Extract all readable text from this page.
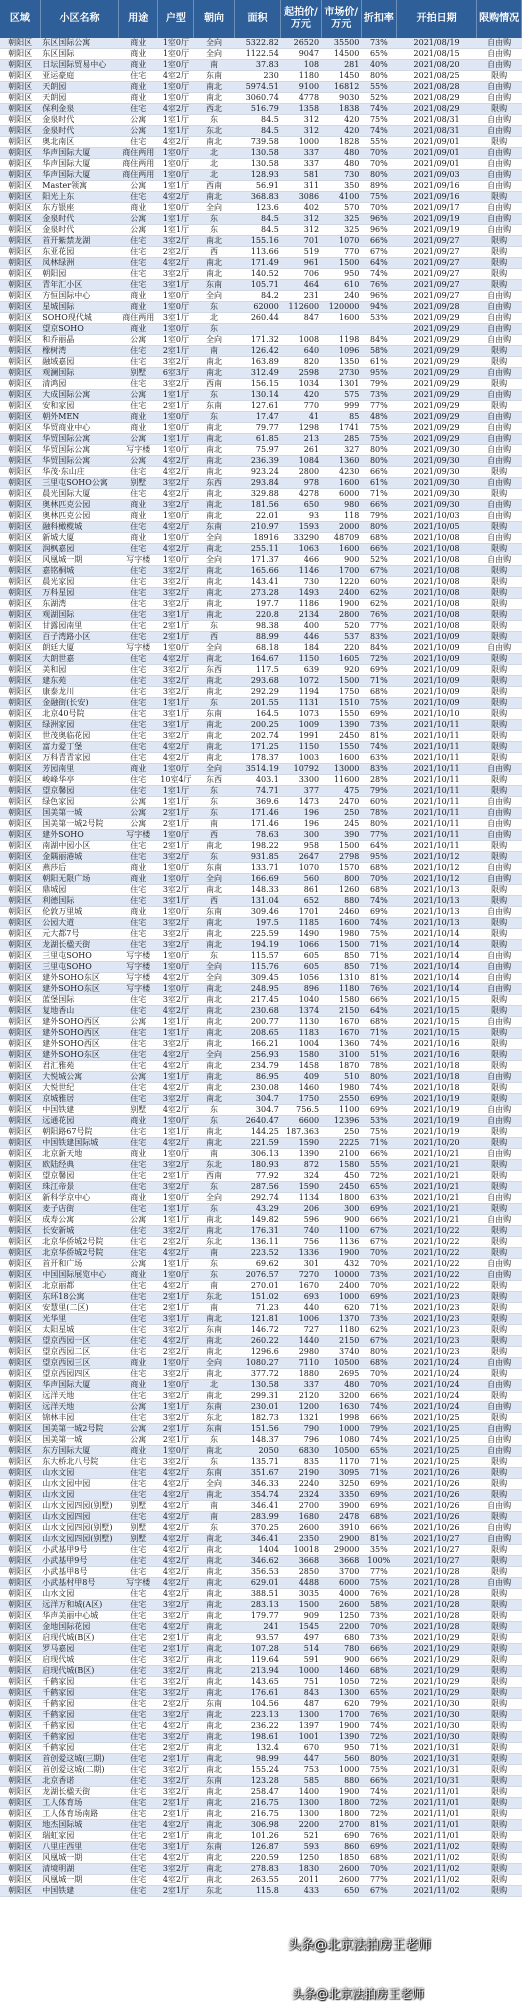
区域	小区名称	用途	户型	朝向	面积	起拍价/万元	市场价/万元	折扣率	开拍日期	限购情况
朝阳区	东区国际公寓	商业	1室0厅	全向	5322.82	26520	35500	73%	2021/08/19	自由购
朝阳区	东区国际	商业	1室0厅	全向	1122.54	9047	14500	65%	2021/08/15	自由购
朝阳区	日坛国际贸易中心	商业	1室0厅	南	37.83	108	281	40%	2021/08/20	自由购
朝阳区	亚运豪庭	住宅	4室2厅	东南	230	1180	1450	80%	2021/08/25	限购
朝阳区	天朗园	商业	1室0厅	南北	5974.51	9100	16812	55%	2021/08/28	自由购
朝阳区	天朗园	商业	1室0厅	南北	3060.74	4778	9030	52%	2021/08/29	自由购
朝阳区	保利金泉	住宅	4室2厅	西北	516.79	1358	1838	74%	2021/08/29	限购
朝阳区	金泉时代	公寓	1室1厅	东	84.5	312	420	75%	2021/08/31	自由购
朝阳区	金泉时代	公寓	1室1厅	东北	84.5	312	420	74%	2021/08/31	自由购
朝阳区	奥北南区	住宅	4室2厅	南北	739.58	1000	1828	55%	2021/09/01	限购
朝阳区	华声国际大厦	商住两用	1室0厅	北	130.58	337	480	70%	2021/09/01	自由购
朝阳区	华声国际大厦	商住两用	1室0厅	北	130.58	337	480	70%	2021/09/01	自由购
朝阳区	华声国际大厦	商住两用	1室0厅	北	128.93	581	730	80%	2021/09/03	自由购
朝阳区	Master领寓	公寓	1室1厅	西南	56.91	311	350	89%	2021/09/16	自由购
朝阳区	阳光上东	住宅	4室2厅	南北	368.83	3086	4100	75%	2021/09/16	限购
朝阳区	东方银座	商业	1室0厅	全向	123.6	402	570	70%	2021/09/17	自由购
朝阳区	金泉时代	公寓	1室1厅	东	84.5	312	325	96%	2021/09/19	自由购
朝阳区	金泉时代	公寓	1室1厅	东	84.5	312	325	96%	2021/09/19	自由购
朝阳区	首开紫禁龙湖	住宅	3室2厅	南北	155.16	701	1070	66%	2021/09/27	限购
朝阳区	东亚花园	住宅	2室2厅	西	113.66	519	770	67%	2021/09/27	限购
朝阳区	凤林绿洲	住宅	4室2厅	南北	171.49	961	1500	64%	2021/09/27	限购
朝阳区	朝阳园	住宅	3室2厅	南北	140.52	706	950	74%	2021/09/27	限购
朝阳区	青年汇小区	住宅	3室1厅	东南	105.71	464	610	76%	2021/09/27	限购
朝阳区	方恒国际中心	商业	1室0厅	全向	84.2	231	240	96%	2021/09/27	自由购
朝阳区	星城国际	商业	1室0厅	东	62000	112600	120000	94%	2021/09/28	自由购
朝阳区	SOHO现代城	商住两用	3室1厅	北	260.44	847	1600	53%	2021/09/29	自由购
朝阳区	望京SOHO	商业	1室0厅	东					2021/09/29	自由购
朝阳区	和乔丽晶	公寓	1室0厅	全向	171.32	1008	1198	84%	2021/09/29	自由购
朝阳区	橡树湾	住宅	2室1厅	南	126.42	640	1096	58%	2021/09/29	限购
朝阳区	融域嘉园	住宅	3室2厅	南北	163.89	820	1350	61%	2021/09/29	限购
朝阳区	观澜国际	别墅	6室3厅	南北	312.49	2598	2730	95%	2021/09/29	自由购
朝阳区	清鸿园	住宅	3室2厅	西南	156.15	1034	1301	79%	2021/09/29	限购
朝阳区	大成国际公寓	公寓	1室1厅	东	130.14	420	575	73%	2021/09/29	自由购
朝阳区	安和家园	住宅	2室1厅	东南	127.61	770	999	77%	2021/09/29	限购
朝阳区	朝外MEN	商业	1室0厅	东	17.47	41	85	48%	2021/09/29	自由购
朝阳区	华贸商业中心	商业	1室0厅	南北	79.77	1298	1741	75%	2021/09/29	自由购
朝阳区	华贸国际公寓	公寓	1室1厅	南北	61.85	213	285	75%	2021/09/29	自由购
朝阳区	华贸国际公寓	写字楼	1室0厅	南北	75.97	261	327	80%	2021/09/30	自由购
朝阳区	华贸国际公寓	公寓	4室2厅	南北	236.39	1084	1360	80%	2021/09/30	自由购
朝阳区	华茂·东山庄	住宅	4室2厅	南北	923.24	2800	4230	66%	2021/09/30	限购
朝阳区	三里屯SOHO公寓	别墅	3室2厅	东西	293.84	978	1600	61%	2021/09/30	自由购
朝阳区	晨光国际大厦	住宅	4室2厅	南北	329.88	4278	6000	71%	2021/09/30	限购
朝阳区	奥林匹克公园	商业	3室2厅	南北	181.56	650	980	66%	2021/09/30	自由购
朝阳区	奥林匹克公园	商业	1室0厅	南北	22.01	93	118	79%	2021/10/03	自由购
朝阳区	融科橄榄城	住宅	4室2厅	东南	210.97	1593	2000	80%	2021/10/05	限购
朝阳区	新城大厦	商业	1室0厅	全向	18916	33290	48709	68%	2021/10/08	自由购
朝阳区	润枫嘉园	住宅	4室2厅	南北	255.11	1063	1600	66%	2021/10/08	限购
朝阳区	风凰城一期	写字楼	1室0厅	全向	171.37	466	900	52%	2021/10/08	自由购
朝阳区	嘉铭桐城	住宅	3室2厅	南北	165.66	1146	1700	67%	2021/10/08	限购
朝阳区	晨光家园	住宅	3室2厅	南北	143.41	730	1220	60%	2021/10/08	限购
朝阳区	万科星园	住宅	3室2厅	南北	273.28	1493	2400	62%	2021/10/08	限购
朝阳区	东湖湾	住宅	3室2厅	南北	197.7	1186	1900	62%	2021/10/08	限购
朝阳区	观湖国际	住宅	3室1厅	南北	220.8	2134	2800	76%	2021/10/08	限购
朝阳区	甘露园南里	住宅	2室1厅	东	98.38	400	520	77%	2021/10/08	限购
朝阳区	百子湾路小区	住宅	2室1厅	西	88.99	446	537	83%	2021/10/09	限购
朝阳区	朗廷大厦	写字楼	1室0厅	全向	68.18	184	220	84%	2021/10/09	自由购
朝阳区	大朗世嘉	住宅	4室2厅	南北	164.67	1150	1605	72%	2021/10/09	限购
朝阳区	美和园	住宅	3室2厅	东西	117.5	639	920	69%	2021/10/09	限购
朝阳区	建东苑	住宅	3室2厅	南北	293.68	1072	1500	71%	2021/10/09	限购
朝阳区	康泰龙川	住宅	3室2厅	南北	292.29	1194	1750	68%	2021/10/09	限购
朝阳区	金融街(长安)	住宅	1室1厅	东	201.55	1131	1510	75%	2021/10/09	限购
朝阳区	北京40号院	住宅	3室1厅	东南	164.5	1073	1550	69%	2021/10/10	限购
朝阳区	绿洲家园	住宅	3室1厅	南北	200.25	1009	1390	73%	2021/10/11	限购
朝阳区	世茂奥临花园	住宅	3室2厅	南北	202.74	1991	2450	81%	2021/10/11	限购
朝阳区	富力爱丁堡	住宅	4室2厅	南北	171.25	1150	1550	74%	2021/10/11	限购
朝阳区	万科青青家园	住宅	4室2厅	南北	178.37	1003	1600	63%	2021/10/11	限购
朝阳区	芳园南里	商业	1室0厅	全向	3514.19	10792	13000	83%	2021/10/11	自由购
朝阳区	峻峰华亭	住宅	10室4厅	东西	403.1	3300	11600	28%	2021/10/11	限购
朝阳区	望京馨园	住宅	1室1厅	东	74.71	377	475	79%	2021/10/11	限购
朝阳区	绿色家园	公寓	1室1厅	东	369.6	1473	2470	60%	2021/10/11	自由购
朝阳区	国美第一城	公寓	2室1厅	东	171.46	196	250	78%	2021/10/11	自由购
朝阳区	国美第一城2号院	公寓	2室1厅	南	171.46	196	245	80%	2021/10/11	自由购
朝阳区	建外SOHO	写字楼	1室0厅	西	78.63	300	390	77%	2021/10/11	自由购
朝阳区	南湖中园小区	住宅	2室1厅	南北	198.22	958	1500	64%	2021/10/11	限购
朝阳区	金隅丽港城	住宅	3室2厅	东	931.85	2647	2798	95%	2021/10/12	限购
朝阳区	燕莎后	商业	1室0厅	东南	133.71	1070	1570	68%	2021/10/12	自由购
朝阳区	朝阳无限广场	商业	1室0厅	全向	166.69	560	800	70%	2021/10/12	自由购
朝阳区	鼎城园	住宅	3室2厅	南北	148.33	861	1260	68%	2021/10/13	限购
朝阳区	利德国际	住宅	3室1厅	西	131.04	652	880	74%	2021/10/13	限购
朝阳区	伦敦万里城	商业	1室0厅	东南	309.46	1701	2460	69%	2021/10/13	自由购
朝阳区	公园大道	住宅	3室2厅	南北	197.5	1185	1600	74%	2021/10/13	限购
朝阳区	元大都7号	住宅	3室2厅	南北	225.59	1490	1980	75%	2021/10/14	限购
朝阳区	龙湖长楹天街	住宅	3室2厅	南北	194.19	1066	1500	71%	2021/10/14	限购
朝阳区	三里屯SOHO	写字楼	1室0厅	东	115.57	605	850	71%	2021/10/14	自由购
朝阳区	三里屯SOHO	写字楼	1室0厅	全向	115.76	605	850	71%	2021/10/14	自由购
朝阳区	建外SOHO东区	写字楼	4室2厅	全向	309.45	1056	1310	81%	2021/10/14	自由购
朝阳区	建外SOHO东区	写字楼	1室0厅	南北	248.95	896	1180	76%	2021/10/14	自由购
朝阳区	蓝堡国际	住宅	3室2厅	南北	217.45	1040	1580	66%	2021/10/15	限购
朝阳区	复地香山	住宅	4室2厅	南北	230.68	1374	2150	64%	2021/10/15	限购
朝阳区	建外SOHO西区	公寓	1室1厅	南北	200.77	1130	1670	68%	2021/10/15	自由购
朝阳区	建外SOHO西区	住宅	1室1厅	南北	208.65	1183	1670	71%	2021/10/15	限购
朝阳区	建外SOHO西区	住宅	3室2厅	南北	166.21	1004	1360	74%	2021/10/16	限购
朝阳区	建外SOHO东区	住宅	4室2厅	全向	256.93	1580	3100	51%	2021/10/16	限购
朝阳区	君汇雅苑	住宅	4室2厅	南北	234.79	1458	1870	78%	2021/10/18	限购
朝阳区	大悦城公寓	公寓	1室1厅	南北	86.95	409	510	80%	2021/10/18	自由购
朝阳区	大悦世纪	住宅	4室2厅	南北	230.08	1460	1980	74%	2021/10/18	限购
朝阳区	京城雅居	住宅	3室2厅	南北	304.7	1750	2550	69%	2021/10/19	限购
朝阳区	中国铁建	别墅	4室2厅	东	304.7	756.5	1100	69%	2021/10/19	自由购
朝阳区	远通花园	商业	1室0厅	东	2640.47	6600	12396	53%	2021/10/19	自由购
朝阳区	朝阳路67号院	住宅	1室1厅	南北	144.25	187.363	250	75%	2021/10/19	限购
朝阳区	中国铁建国际城	住宅	4室2厅	南北	221.59	1590	2225	71%	2021/10/20	限购
朝阳区	北京新天地	商业	1室0厅	南	306.13	1390	2100	66%	2021/10/21	自由购
朝阳区	欧陆经典	住宅	3室2厅	东北	180.93	872	1580	55%	2021/10/21	限购
朝阳区	望京馨园	住宅	2室1厅	西南	77.92	324	450	72%	2021/10/21	限购
朝阳区	珠江帝景	住宅	3室2厅	东	287.56	1590	2450	65%	2021/10/21	限购
朝阳区	新科学京中心	商业	1室0厅	全向	292.74	1134	1800	63%	2021/10/21	自由购
朝阳区	麦子店街	住宅	1室1厅	东	43.29	206	300	69%	2021/10/21	限购
朝阳区	成寿公寓	公寓	1室1厅	南北	149.82	596	900	66%	2021/10/21	自由购
朝阳区	长安新城	住宅	3室2厅	南北	176.31	740	1100	67%	2021/10/22	限购
朝阳区	北京华侨城2号院	住宅	2室2厅	东北	136.11	756	1136	67%	2021/10/22	限购
朝阳区	北京华侨城2号院	住宅	4室2厅	南	223.52	1336	1900	70%	2021/10/22	限购
朝阳区	首开和广场	公寓	1室1厅	东	69.62	301	432	70%	2021/10/22	自由购
朝阳区	中国国际展览中心	商业	1室0厅	东	2076.57	7270	10000	73%	2021/10/22	自由购
朝阳区	北京丽都	住宅	4室2厅	南	270.01	1670	2400	70%	2021/10/22	限购
朝阳区	东环18公寓	住宅	2室1厅	东北	151.02	693	1000	69%	2021/10/23	限购
朝阳区	安慧里(二区)	住宅	2室1厅	南	71.23	440	620	71%	2021/10/23	限购
朝阳区	光华里	住宅	3室1厅	南北	121.81	1006	1370	73%	2021/10/23	限购
朝阳区	太阳星城	住宅	3室2厅	东南	146.72	727	1180	62%	2021/10/23	限购
朝阳区	望京西园一区	住宅	4室2厅	南北	260.22	1440	2150	67%	2021/10/23	限购
朝阳区	望京西园二区	住宅	2室2厅	南北	1296.6	2980	3740	80%	2021/10/23	限购
朝阳区	望京西园三区	商业	1室0厅	全向	1080.27	7110	10500	68%	2021/10/24	自由购
朝阳区	望京西园四区	住宅	3室2厅	南北	377.72	1880	2695	70%	2021/10/24	限购
朝阳区	华声国际大厦	商业	1室0厅	北	130.58	337	480	70%	2021/10/24	自由购
朝阳区	远洋天地	住宅	3室2厅	南北	299.31	2120	3200	66%	2021/10/24	限购
朝阳区	远洋天地	公寓	1室1厅	东南	230.01	1200	1630	74%	2021/10/24	自由购
朝阳区	锦林丰园	住宅	3室2厅	东北	182.73	1321	1998	66%	2021/10/25	限购
朝阳区	国美第一城2号院	公寓	2室1厅	东南	151.56	790	1000	79%	2021/10/25	自由购
朝阳区	国美第一城	公寓	2室1厅	东	148.37	796	1080	74%	2021/10/25	自由购
朝阳区	东方国际大厦	商业	1室0厅	南北	2050	6830	10500	65%	2021/10/25	自由购
朝阳区	东大桥北八号院	住宅	3室2厅	东	135.71	835	1170	71%	2021/10/25	限购
朝阳区	山水文园	住宅	4室2厅	东南	351.67	2190	3095	71%	2021/10/26	限购
朝阳区	山水文园中园	住宅	4室2厅	全向	346.33	2240	3250	69%	2021/10/26	限购
朝阳区	山水文园	住宅	4室2厅	南北	354.74	2324	3350	69%	2021/10/26	限购
朝阳区	山水文园四园(别墅)	别墅	4室2厅	南	346.41	2700	3900	69%	2021/10/26	自由购
朝阳区	山水文园四园	住宅	4室2厅	南	283.99	1680	2478	68%	2021/10/26	限购
朝阳区	山水文园四园(别墅)	别墅	4室2厅	东	370.25	2600	3910	66%	2021/10/26	自由购
朝阳区	山水文园四园(别墅)	别墅	4室2厅	南北	346.41	2350	2900	81%	2021/10/27	自由购
朝阳区	小武基甲9号	住宅	4室2厅	南北	1404	10018	29000	35%	2021/10/27	限购
朝阳区	小武基甲9号	住宅	4室2厅	南北	346.62	3668	3668	100%	2021/10/27	限购
朝阳区	小武基甲8号	住宅	4室2厅	南北	356.53	2850	3700	77%	2021/10/28	限购
朝阳区	小武基村甲8号	写字楼	4室2厅	南北	629.01	4488	6000	75%	2021/10/28	自由购
朝阳区	山水文园	住宅	4室2厅	南北	388.51	3035	4000	76%	2021/10/28	限购
朝阳区	远洋万和城(A区)	住宅	3室2厅	南北	283.13	1500	2600	58%	2021/10/28	限购
朝阳区	华声美丽中心城	住宅	3室2厅	南北	179.77	909	1250	73%	2021/10/28	限购
朝阳区	金地国际花园	住宅	4室2厅	南北	241	1545	2200	70%	2021/10/28	限购
朝阳区	启现代城(B区)	住宅	2室1厅	南北	93.57	497	680	73%	2021/10/29	限购
朝阳区	罗马嘉园	住宅	2室1厅	南北	107.28	514	780	66%	2021/10/29	限购
朝阳区	启现代城	住宅	3室2厅	南北	119.64	591	900	66%	2021/10/29	限购
朝阳区	启现代城(B区)	住宅	3室2厅	南北	213.94	1000	1460	68%	2021/10/29	限购
朝阳区	千鹤家园	住宅	3室2厅	南北	143.65	751	1050	72%	2021/10/29	限购
朝阳区	千鹤家园	住宅	3室2厅	南北	176.61	843	1300	65%	2021/10/29	限购
朝阳区	千鹤家园	住宅	2室2厅	东南	104.56	487	620	79%	2021/10/30	限购
朝阳区	千鹤家园	住宅	3室2厅	南北	223.13	1300	1700	76%	2021/10/30	限购
朝阳区	千鹤家园	住宅	4室2厅	南北	236.22	1397	1900	74%	2021/10/30	限购
朝阳区	千鹤家园	住宅	3室2厅	南北	198.61	1001	1390	72%	2021/10/30	限购
朝阳区	千鹤家园	住宅	2室2厅	南北	132.4	670	950	71%	2021/10/31	限购
朝阳区	首创爱这城(三期)	住宅	2室1厅	南北	98.99	447	560	80%	2021/10/31	限购
朝阳区	首创爱这城(二期)	住宅	3室2厅	南北	155.24	753	1000	75%	2021/10/31	限购
朝阳区	北京香诺	住宅	3室2厅	东南	123.28	585	880	66%	2021/10/31	限购
朝阳区	龙湖长楹天街	住宅	3室2厅	南北	258.47	1400	1900	74%	2021/11/01	限购
朝阳区	工人体育场	住宅	2室1厅	南北	216.75	1300	1800	72%	2021/11/01	限购
朝阳区	工人体育场南路	住宅	2室1厅	南北	216.75	1300	1800	72%	2021/11/01	限购
朝阳区	地杰国际城	住宅	4室2厅	南北	306.98	2200	2700	81%	2021/11/01	限购
朝阳区	瑞虹家园	住宅	2室1厅	南北	101.26	521	690	76%	2021/11/01	限购
朝阳区	八里庄西里	住宅	3室1厅	东南	126.87	593	860	69%	2021/11/02	限购
朝阳区	风凰城一期	住宅	4室2厅	南北	220.59	1250	1850	68%	2021/11/02	限购
朝阳区	清境明湖	住宅	3室2厅	南北	278.83	1830	2600	70%	2021/11/02	限购
朝阳区	风凰城一期	住宅	4室2厅	南北	263.55	2011	2600	77%	2021/11/02	限购
朝阳区	中国铁建	住宅	2室1厅	东北	115.8	433	650	67%	2021/11/02	限购
头条@北京法拍房王老师
头条@北京法拍房王老师
